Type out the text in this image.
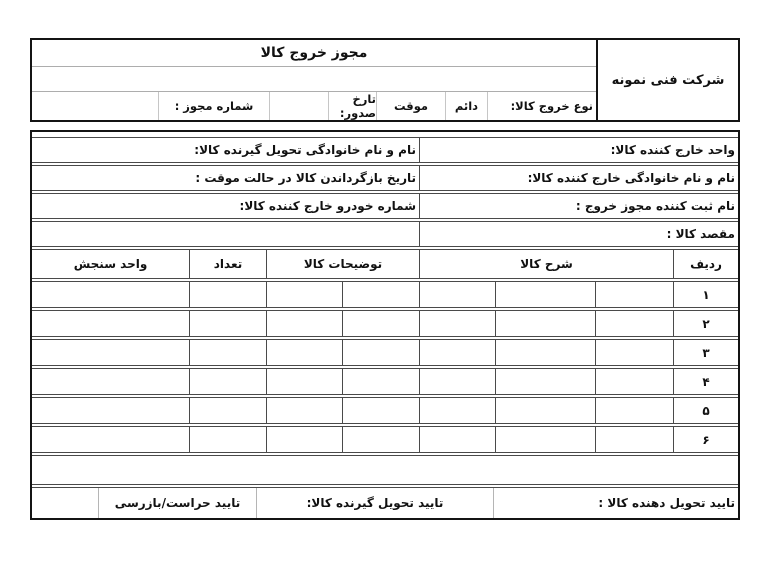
شرکت فنی نمونه
مجوز خروج کالا
نوع خروج کالا:
دائم
موقت
تارخ صدور:
شماره مجوز :
واحد خارج کننده کالا:
نام و نام خانوادگی تحویل گیرنده کالا:
نام و نام خانوادگی خارج کننده کالا:
تاریخ بازگرداندن کالا در حالت موقت :
نام ثبت کننده مجوز خروج :
شماره خودرو خارج کننده کالا:
مقصد کالا :
ردیف
شرح کالا
توضیحات کالا
تعداد
واحد سنجش
۱
۲
۳
۴
۵
۶
تایید تحویل دهنده کالا :
تایید تحویل گیرنده کالا:
تایید حراست/بازرسی
